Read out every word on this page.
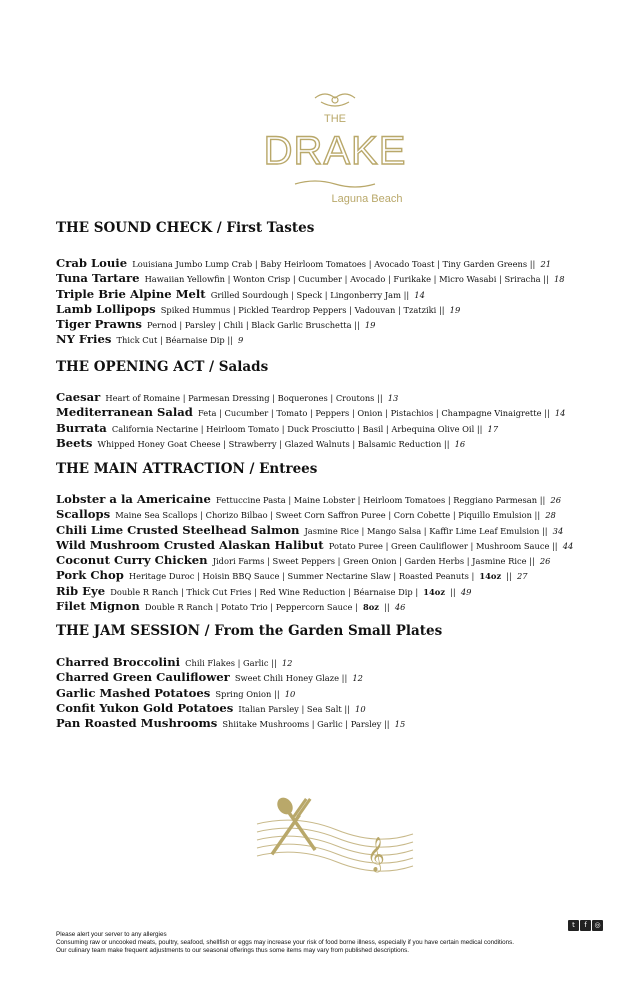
THE
DRAKE
Laguna Beach
THE SOUND CHECK / First Tastes
Crab Louie Louisiana Jumbo Lump Crab | Baby Heirloom Tomatoes | Avocado Toast | Tiny Garden Greens || 21
Tuna Tartare Hawaiian Yellowfin | Wonton Crisp | Cucumber | Avocado | Furikake | Micro Wasabi | Sriracha || 18
Triple Brie Alpine Melt Grilled Sourdough | Speck | Lingonberry Jam || 14
Lamb Lollipops Spiked Hummus | Pickled Teardrop Peppers | Vadouvan | Tzatziki || 19
Tiger Prawns Pernod | Parsley | Chili | Black Garlic Bruschetta || 19
NY Fries Thick Cut | Béarnaise Dip || 9
THE OPENING ACT / Salads
Caesar Heart of Romaine | Parmesan Dressing | Boquerones | Croutons || 13
Mediterranean Salad Feta | Cucumber | Tomato | Peppers | Onion | Pistachios | Champagne Vinaigrette || 14
Burrata California Nectarine | Heirloom Tomato | Duck Prosciutto | Basil | Arbequina Olive Oil || 17
Beets Whipped Honey Goat Cheese | Strawberry | Glazed Walnuts | Balsamic Reduction || 16
THE MAIN ATTRACTION / Entrees
Lobster a la Americaine Fettuccine Pasta | Maine Lobster | Heirloom Tomatoes | Reggiano Parmesan || 26
Scallops Maine Sea Scallops | Chorizo Bilbao | Sweet Corn Saffron Puree | Corn Cobette | Piquillo Emulsion || 28
Chili Lime Crusted Steelhead Salmon Jasmine Rice | Mango Salsa | Kaffir Lime Leaf Emulsion || 34
Wild Mushroom Crusted Alaskan Halibut Potato Puree | Green Cauliflower | Mushroom Sauce || 44
Coconut Curry Chicken Jidori Farms | Sweet Peppers | Green Onion | Garden Herbs | Jasmine Rice || 26
Pork Chop Heritage Duroc | Hoisin BBQ Sauce | Summer Nectarine Slaw | Roasted Peanuts | 14oz || 27
Rib Eye Double R Ranch | Thick Cut Fries | Red Wine Reduction | Béarnaise Dip | 14oz || 49
Filet Mignon Double R Ranch | Potato Trio | Peppercorn Sauce | 8oz || 46
THE JAM SESSION / From the Garden Small Plates
Charred Broccolini Chili Flakes | Garlic || 12
Charred Green Cauliflower Sweet Chili Honey Glaze || 12
Garlic Mashed Potatoes Spring Onion || 10
Confit Yukon Gold Potatoes Italian Parsley | Sea Salt || 10
Pan Roasted Mushrooms Shiitake Mushrooms | Garlic | Parsley || 15
𝄞
t	f	◎
Please alert your server to any allergies
Consuming raw or uncooked meats, poultry, seafood, shellfish or eggs may increase your risk of food borne illness, especially if you have certain medical conditions.
Our culinary team make frequent adjustments to our seasonal offerings thus some items may vary from published descriptions.
